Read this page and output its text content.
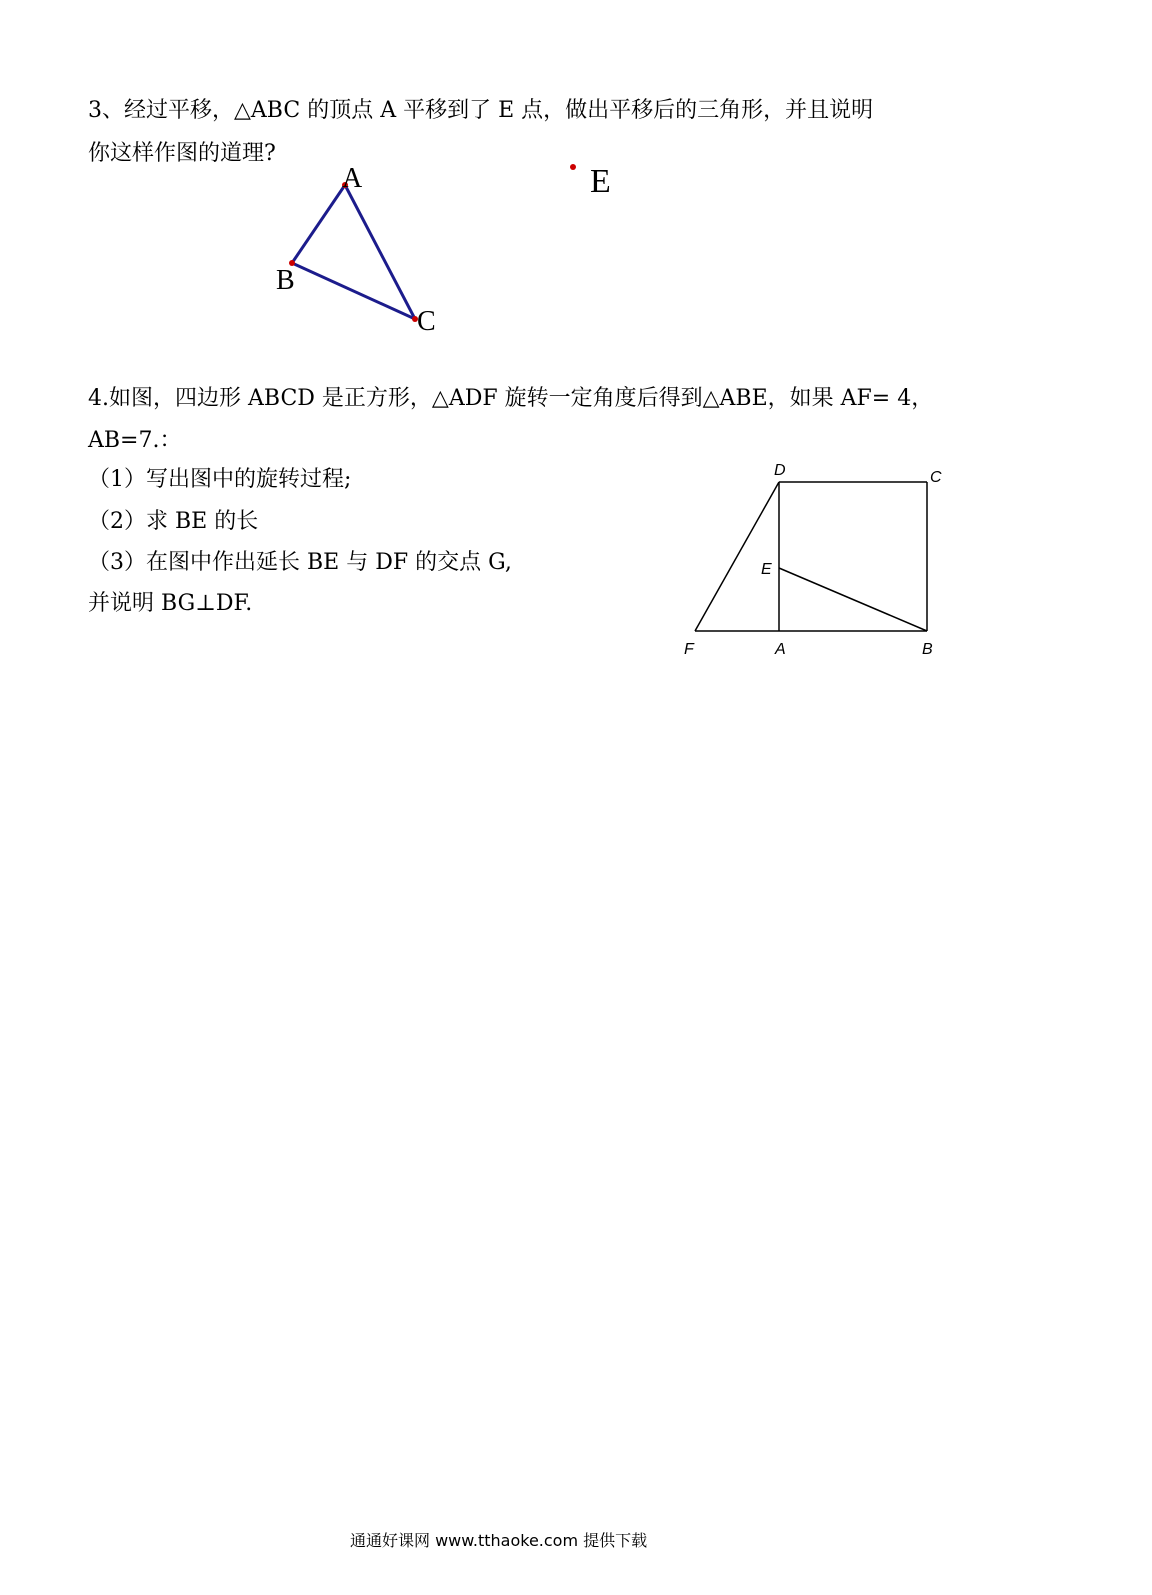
3、经过平移，△ABC 的顶点 A 平移到了 E 点，做出平移后的三角形，并且说明
你这样作图的道理?
A
B
C
E
4.如图，四边形 ABCD 是正方形，△ADF 旋转一定角度后得到△ABE，如果 AF= 4，
AB=7.：
（1）写出图中的旋转过程;
（2）求 BE 的长
（3）在图中作出延长 BE 与 DF 的交点 G,
并说明 BG⊥DF.
D	C
E
F	A	B
通通好课网 www.tthaoke.com 提供下载
